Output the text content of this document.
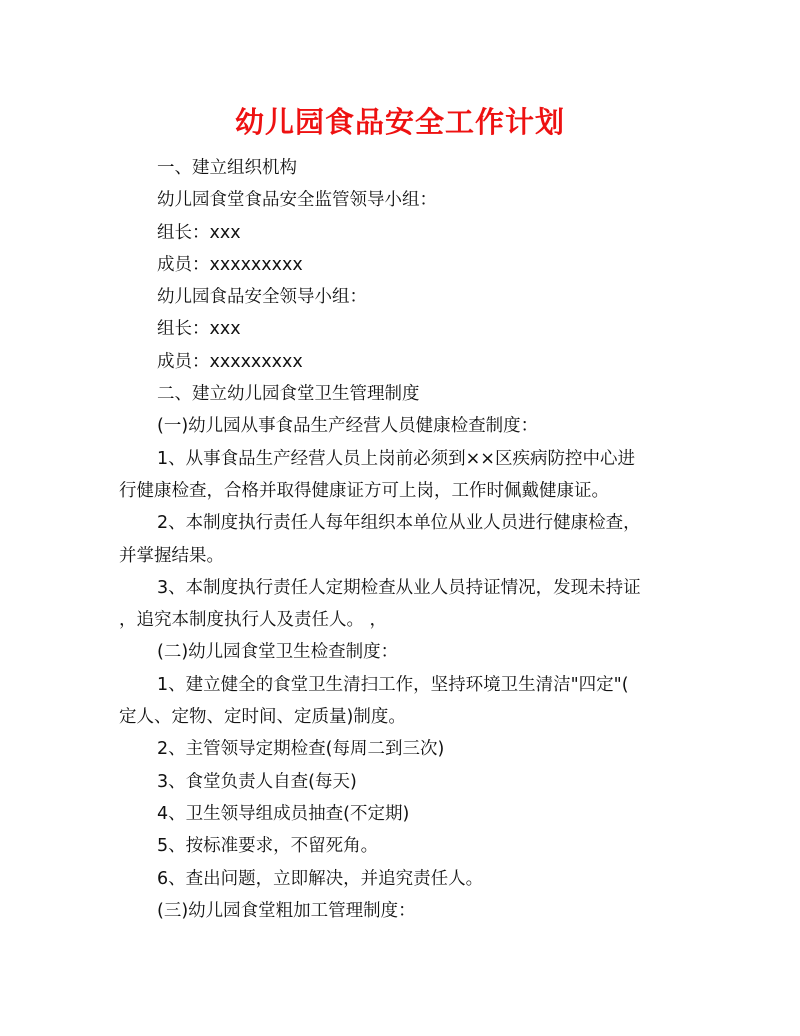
幼儿园食品安全工作计划
一、建立组织机构
幼儿园食堂食品安全监管领导小组：
组长：xxx
成员：xxxxxxxxx
幼儿园食品安全领导小组：
组长：xxx
成员：xxxxxxxxx
二、建立幼儿园食堂卫生管理制度
(一)幼儿园从事食品生产经营人员健康检查制度：
1、从事食品生产经营人员上岗前必须到××区疾病防控中心进
行健康检查，合格并取得健康证方可上岗，工作时佩戴健康证。
2、本制度执行责任人每年组织本单位从业人员进行健康检查，
并掌握结果。
3、本制度执行责任人定期检查从业人员持证情况，发现未持证
，追究本制度执行人及责任人。 ，
(二)幼儿园食堂卫生检查制度：
1、建立健全的食堂卫生清扫工作，坚持环境卫生清洁"四定"(
定人、定物、定时间、定质量)制度。
2、主管领导定期检查(每周二到三次)
3、食堂负责人自查(每天)
4、卫生领导组成员抽查(不定期)
5、按标准要求，不留死角。
6、查出问题，立即解决，并追究责任人。
(三)幼儿园食堂粗加工管理制度：
